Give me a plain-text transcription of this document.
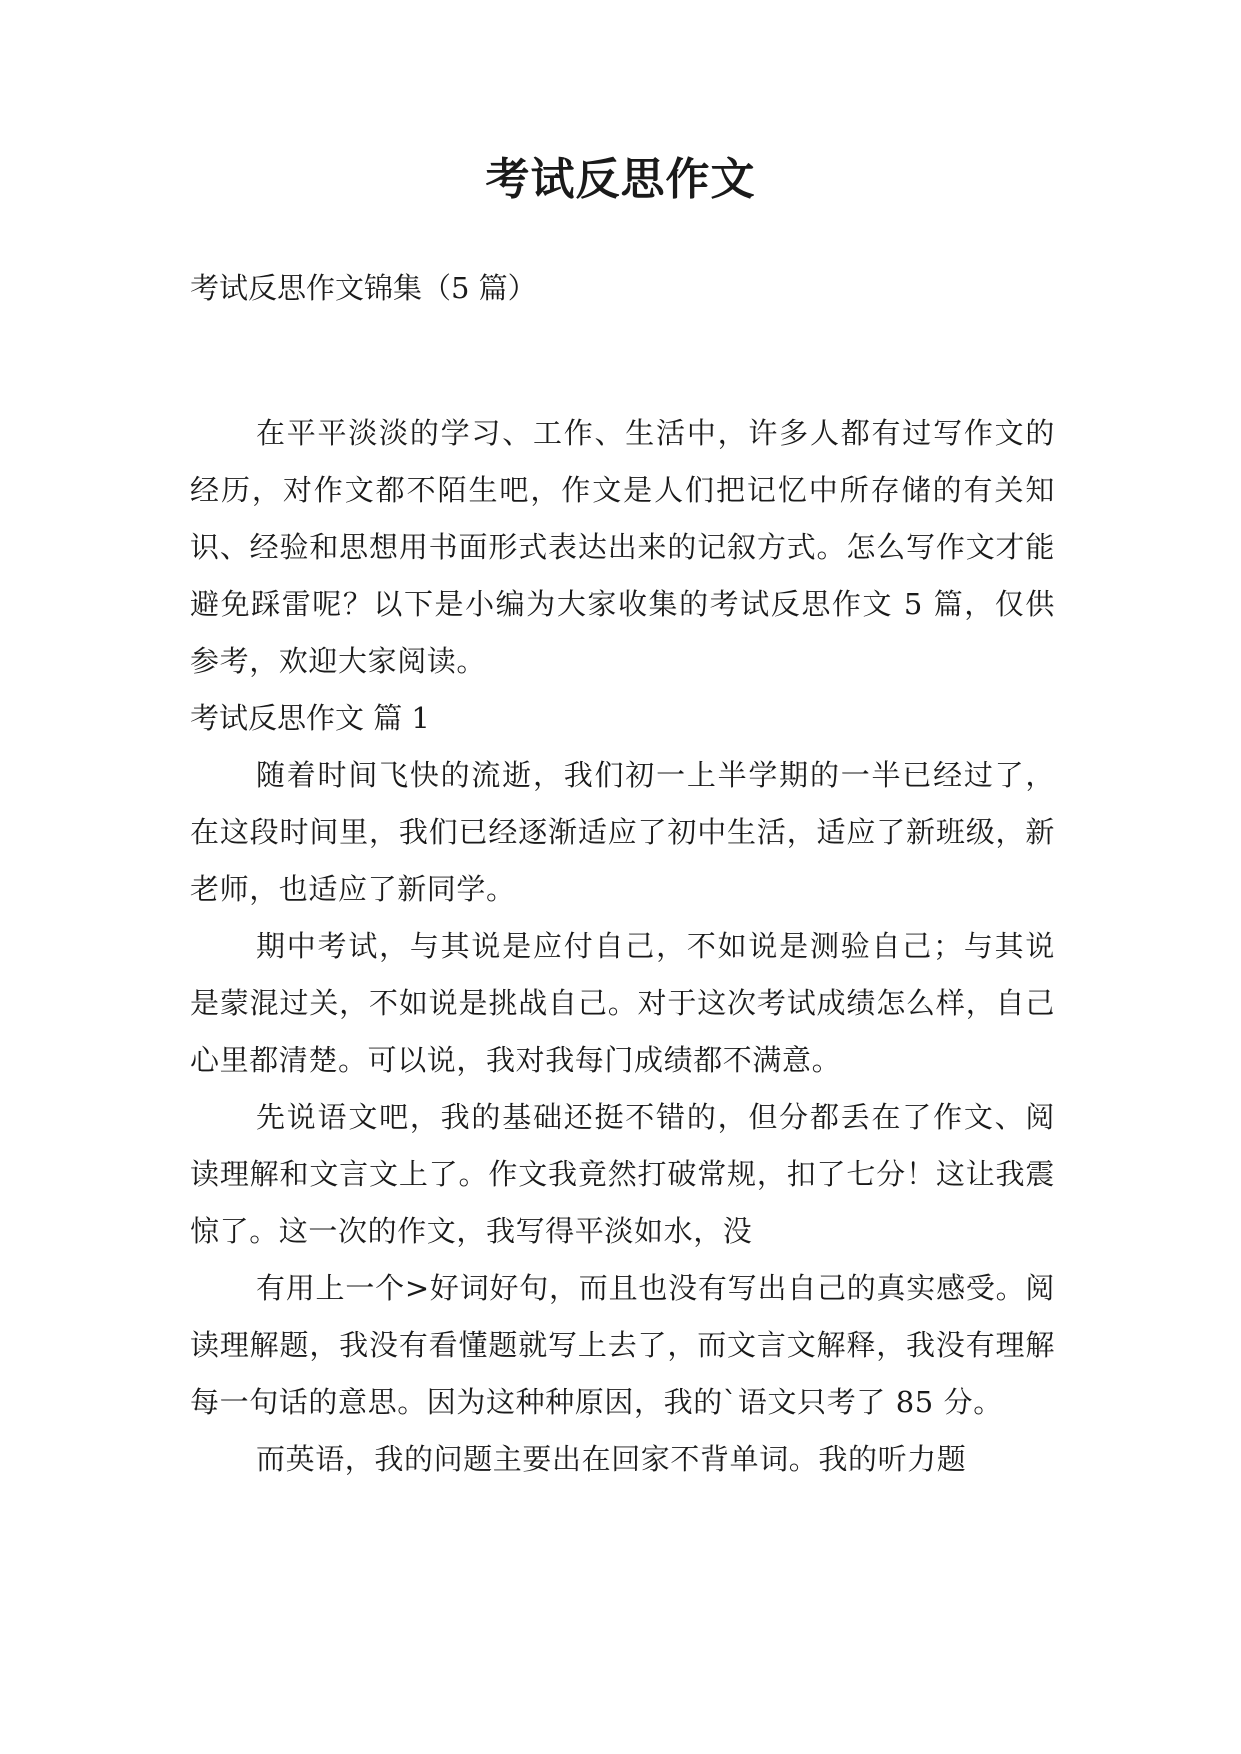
考试反思作文

考试反思作文锦集（5 篇）

在平平淡淡的学习、工作、生活中，许多人都有过写作文的经历，对作文都不陌生吧，作文是人们把记忆中所存储的有关知识、经验和思想用书面形式表达出来的记叙方式。怎么写作文才能避免踩雷呢？以下是小编为大家收集的考试反思作文 5 篇，仅供参考，欢迎大家阅读。

考试反思作文 篇 1

随着时间飞快的流逝，我们初一上半学期的一半已经过了，在这段时间里，我们已经逐渐适应了初中生活，适应了新班级，新老师，也适应了新同学。

期中考试，与其说是应付自己，不如说是测验自己；与其说是蒙混过关，不如说是挑战自己。对于这次考试成绩怎么样，自己心里都清楚。可以说，我对我每门成绩都不满意。

先说语文吧，我的基础还挺不错的，但分都丢在了作文、阅读理解和文言文上了。作文我竟然打破常规，扣了七分！这让我震惊了。这一次的作文，我写得平淡如水，没

有用上一个>好词好句，而且也没有写出自己的真实感受。阅读理解题，我没有看懂题就写上去了，而文言文解释，我没有理解每一句话的意思。因为这种种原因，我的`语文只考了 85 分。

而英语，我的问题主要出在回家不背单词。我的听力题
